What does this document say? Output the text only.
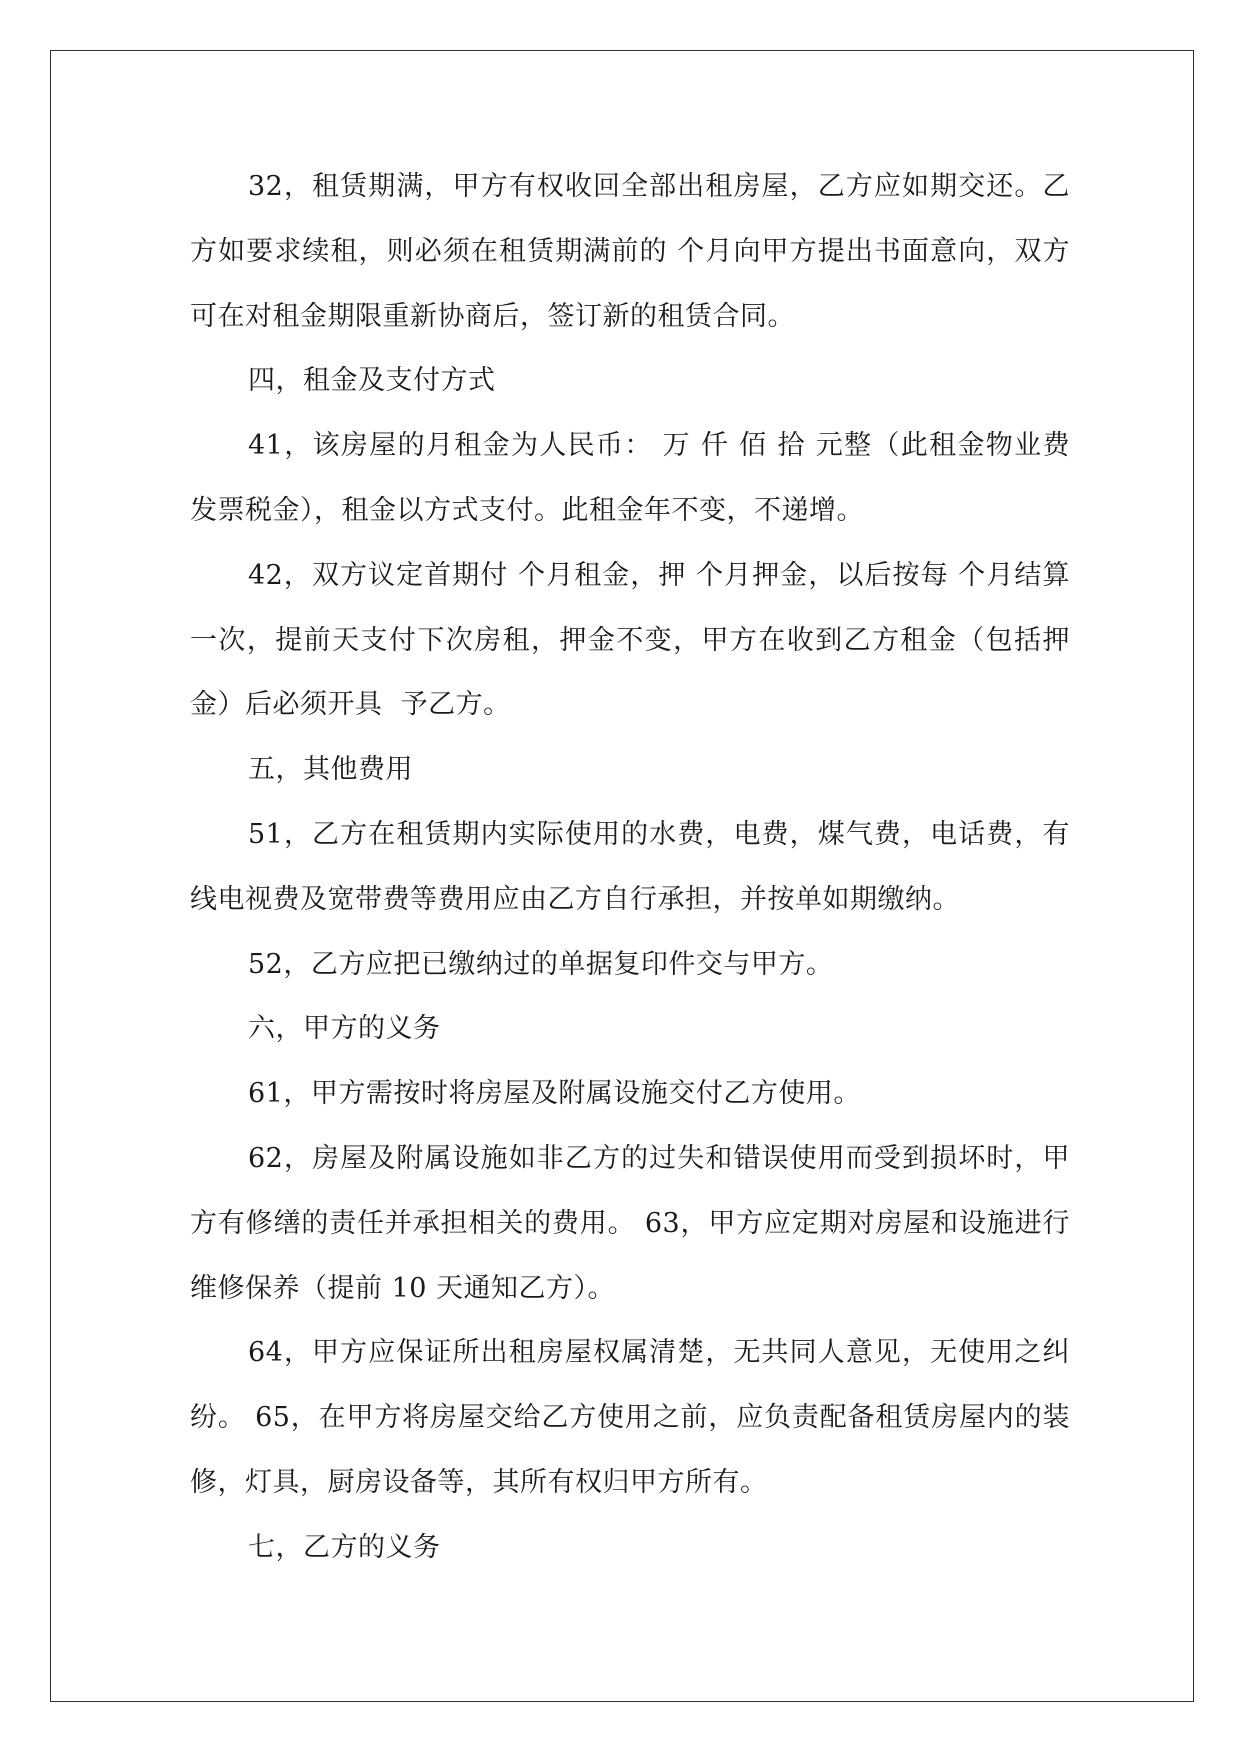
32，租赁期满，甲方有权收回全部出租房屋，乙方应如期交还。乙方如要求续租，则必须在租赁期满前的 个月向甲方提出书面意向，双方可在对租金期限重新协商后，签订新的租赁合同。

四，租金及支付方式

41，该房屋的月租金为人民币： 万 仟 佰 拾 元整（此租金物业费发票税金），租金以方式支付。此租金年不变，不递增。

42，双方议定首期付 个月租金，押 个月押金，以后按每 个月结算一次，提前天支付下次房租，押金不变，甲方在收到乙方租金（包括押金）后必须开具  予乙方。

五，其他费用

51，乙方在租赁期内实际使用的水费，电费，煤气费，电话费，有线电视费及宽带费等费用应由乙方自行承担，并按单如期缴纳。

52，乙方应把已缴纳过的单据复印件交与甲方。

六，甲方的义务

61，甲方需按时将房屋及附属设施交付乙方使用。

62，房屋及附属设施如非乙方的过失和错误使用而受到损坏时，甲方有修缮的责任并承担相关的费用。 63，甲方应定期对房屋和设施进行维修保养（提前 10 天通知乙方）。

64，甲方应保证所出租房屋权属清楚，无共同人意见，无使用之纠纷。 65，在甲方将房屋交给乙方使用之前，应负责配备租赁房屋内的装修，灯具，厨房设备等，其所有权归甲方所有。

七，乙方的义务
